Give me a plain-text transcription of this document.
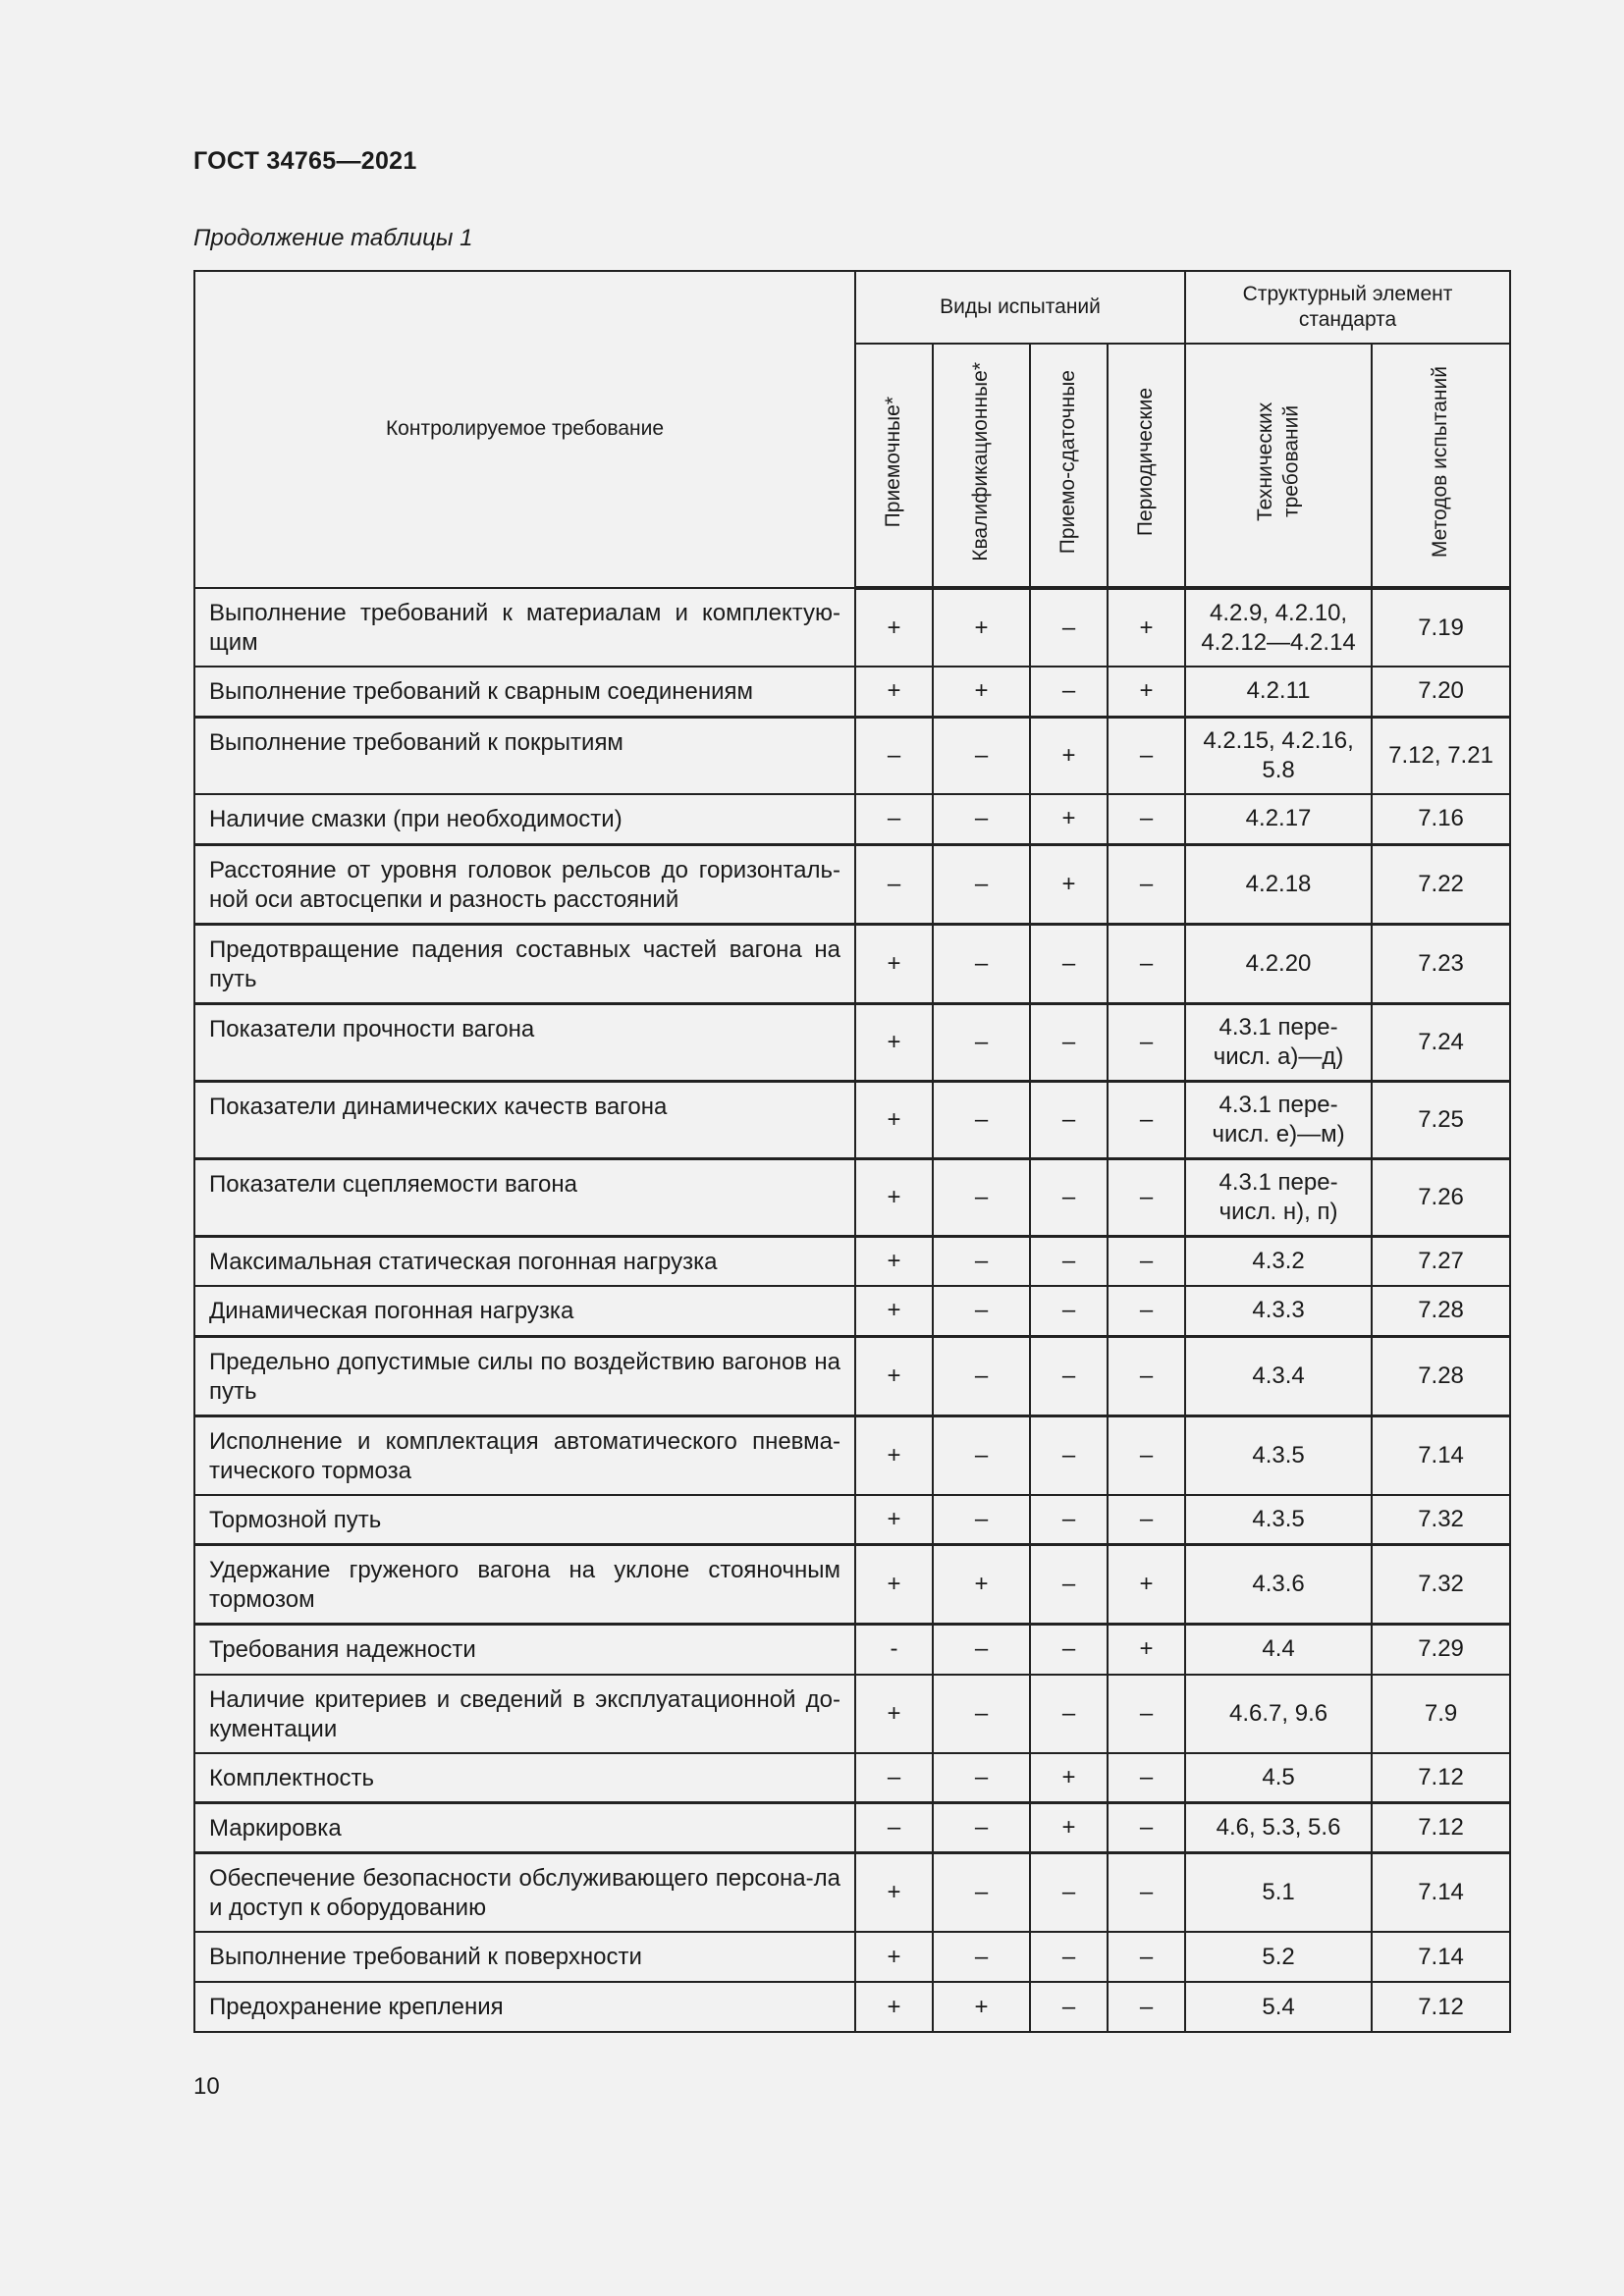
ГОСТ 34765—2021
Продолжение таблицы 1
Контролируемое требование	Виды испытаний				Структурный элемент стандарта	
	Приемочные*	Квалификационные*	Приемо-сдаточные	Периодические	Технических требований	Методов испытаний
Выполнение требований к материалам и комплектую-щим	+	+	–	+	4.2.9, 4.2.10, 4.2.12—4.2.14	7.19
Выполнение требований к сварным соединениям	+	+	–	+	4.2.11	7.20
Выполнение требований к покрытиям	–	–	+	–	4.2.15, 4.2.16, 5.8	7.12, 7.21
Наличие смазки (при необходимости)	–	–	+	–	4.2.17	7.16
Расстояние от уровня головок рельсов до горизонталь-ной оси автосцепки и разность расстояний	–	–	+	–	4.2.18	7.22
Предотвращение падения составных частей вагона на путь	+	–	–	–	4.2.20	7.23
Показатели прочности вагона	+	–	–	–	4.3.1 пере-числ. а)—д)	7.24
Показатели динамических качеств вагона	+	–	–	–	4.3.1 пере-числ. е)—м)	7.25
Показатели сцепляемости вагона	+	–	–	–	4.3.1 пере-числ. н), п)	7.26
Максимальная статическая погонная нагрузка	+	–	–	–	4.3.2	7.27
Динамическая погонная нагрузка	+	–	–	–	4.3.3	7.28
Предельно допустимые силы по воздействию вагонов на путь	+	–	–	–	4.3.4	7.28
Исполнение и комплектация автоматического пневма-тического тормоза	+	–	–	–	4.3.5	7.14
Тормозной путь	+	–	–	–	4.3.5	7.32
Удержание груженого вагона на уклоне стояночным тормозом	+	+	–	+	4.3.6	7.32
Требования надежности	-	–	–	+	4.4	7.29
Наличие критериев и сведений в эксплуатационной до-кументации	+	–	–	–	4.6.7, 9.6	7.9
Комплектность	–	–	+	–	4.5	7.12
Маркировка	–	–	+	–	4.6, 5.3, 5.6	7.12
Обеспечение безопасности обслуживающего персона-ла и доступ к оборудованию	+	–	–	–	5.1	7.14
Выполнение требований к поверхности	+	–	–	–	5.2	7.14
Предохранение крепления	+	+	–	–	5.4	7.12
10
